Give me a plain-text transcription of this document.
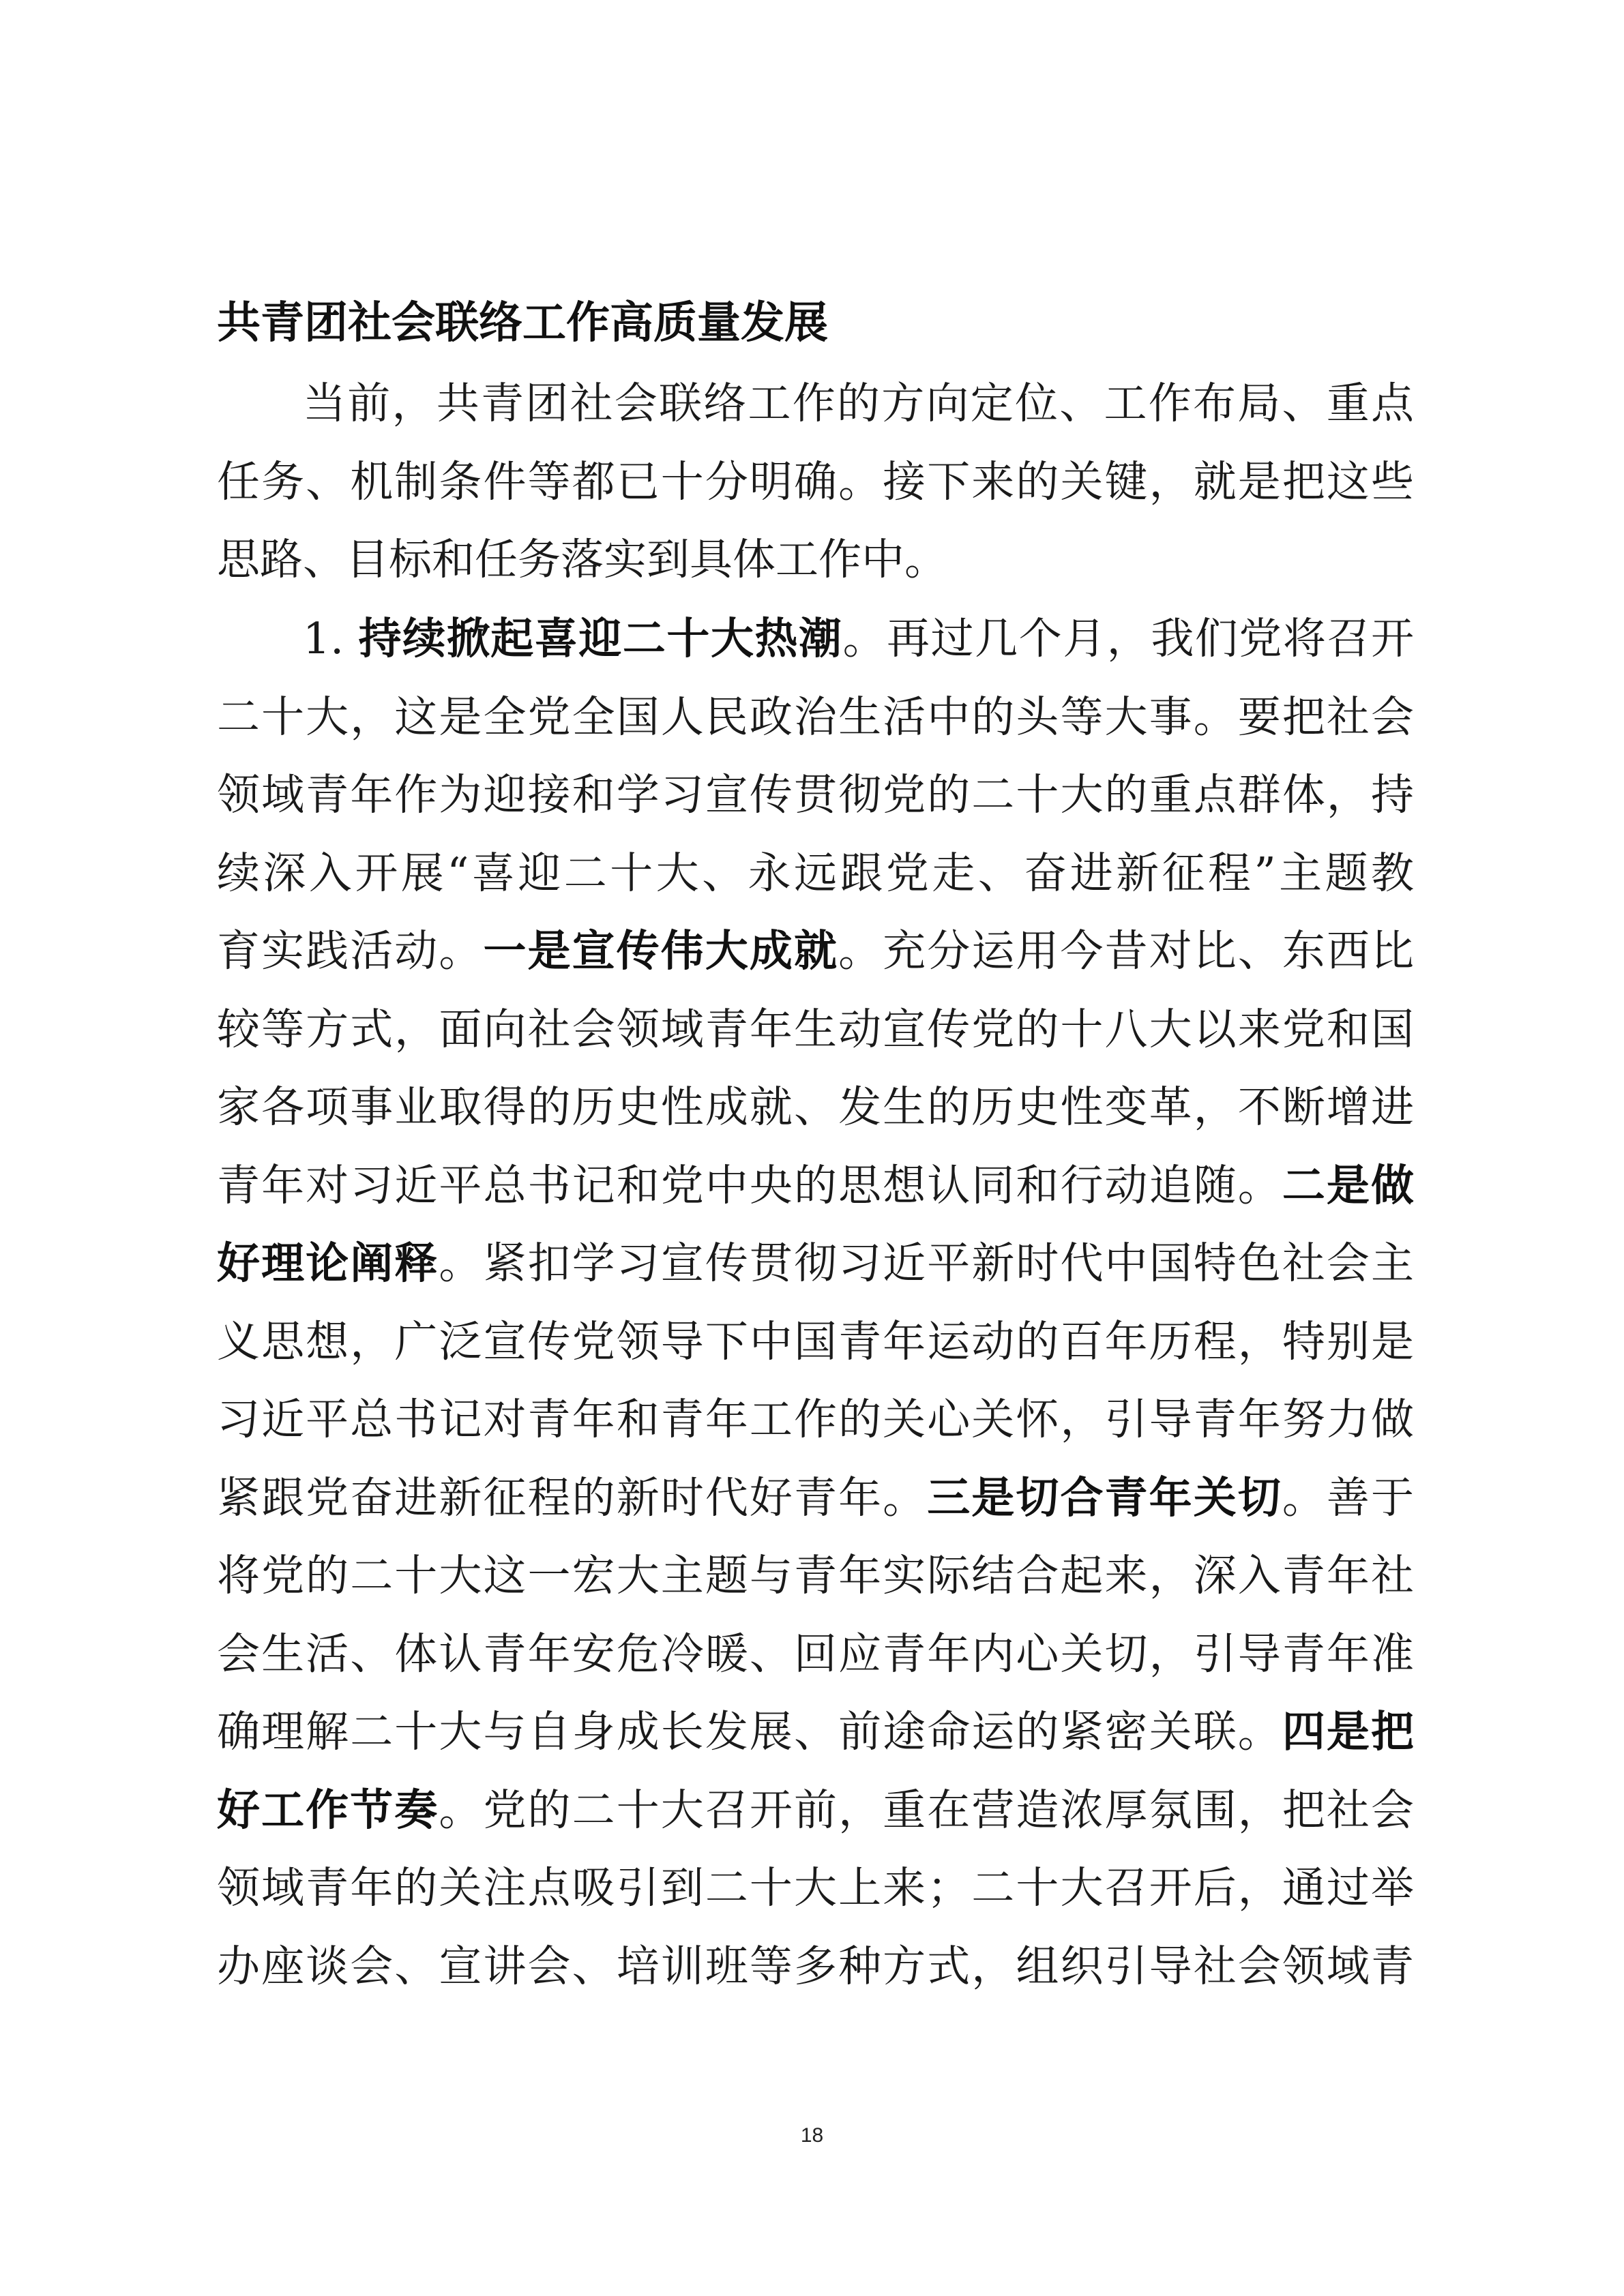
共青团社会联络工作高质量发展
当前，共青团社会联络工作的方向定位、工作布局、重点
任务、机制条件等都已十分明确。接下来的关键，就是把这些
思路、目标和任务落实到具体工作中。
1. 持续掀起喜迎二十大热潮。再过几个月，我们党将召开
二十大，这是全党全国人民政治生活中的头等大事。要把社会
领域青年作为迎接和学习宣传贯彻党的二十大的重点群体，持
续深入开展“喜迎二十大、永远跟党走、奋进新征程”主题教
育实践活动。一是宣传伟大成就。充分运用今昔对比、东西比
较等方式，面向社会领域青年生动宣传党的十八大以来党和国
家各项事业取得的历史性成就、发生的历史性变革，不断增进
青年对习近平总书记和党中央的思想认同和行动追随。二是做
好理论阐释。紧扣学习宣传贯彻习近平新时代中国特色社会主
义思想，广泛宣传党领导下中国青年运动的百年历程，特别是
习近平总书记对青年和青年工作的关心关怀，引导青年努力做
紧跟党奋进新征程的新时代好青年。三是切合青年关切。善于
将党的二十大这一宏大主题与青年实际结合起来，深入青年社
会生活、体认青年安危冷暖、回应青年内心关切，引导青年准
确理解二十大与自身成长发展、前途命运的紧密关联。四是把
好工作节奏。党的二十大召开前，重在营造浓厚氛围，把社会
领域青年的关注点吸引到二十大上来；二十大召开后，通过举
办座谈会、宣讲会、培训班等多种方式，组织引导社会领域青
18
